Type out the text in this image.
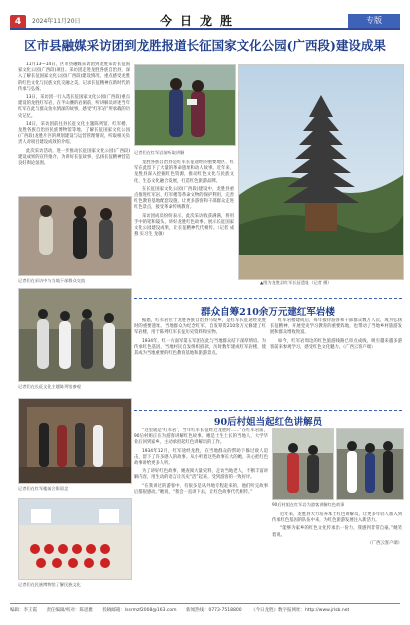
4	2024年11月20日	今日龙胜	专版
区市县融媒采访团到龙胜报道长征国家文化公园(广西段)建设成果

11月13—14日，区市县融媒采访团到龙胜采访长征国家文化公园(广西段)项目。采访团走进龙胜各族自治县，深入了解长征国家文化公园(广西段)建设情况，重点感受龙胜的红色文化与民族文化交融之美，记录长征精神在新时代的传承与弘扬。

13日，采访团一行入选长征国家文化公园(广西段)重点建设的龙胜红军岩，在半山腰的岩洞前，听讲解员讲述当年红军在此与群众鱼水情深的故事，感受“红军岩”所承载的历史记忆。

14日，采访团前往县长征文化主题陈列馆、红军楼、龙胜各族自治县民族博物馆等地，了解长征国家文化公园(广西段)龙胜片区的规划建设与运营管理情况，听取相关负责人对项目建设成效的介绍。

此次采访活动，进一步推动长征国家文化公园(广西段)建设成果的宣传推介，为讲好长征故事、弘扬长征精神营造良好舆论氛围。

记者们在采访中与当地干部群众交流
记者们在红军岩前听取讲解

龙胜各族自治县是红军长征途经的重要地区，红军在此留下了大量的革命遗址和动人故事。近年来，龙胜县深入挖掘红色资源，推动红色文化与民族文化、生态文化融合发展，打造红色旅游品牌。

在长征国家文化公园(广西段)建设中，龙胜县重点推进红军岩、红军楼等革命文物的保护利用，完善红色教育基地配套设施，让更多游客和干部群众走进红色景点，接受革命传统教育。

采访团成员纷纷表示，此次采访收获满满，将用手中的笔和镜头，讲好龙胜红色故事，展示长征国家文化公园建设成果，让长征精神代代相传。（记者 成燕 实习生 龙敏）

▲图为龙胜县红军长征遗址（记者 摄）
记者们在长征文化主题陈列馆参观
记者们在红军楼前合影留念
记者们在民族博物馆了解民族文化
群众自筹210余万元建红军岩楼

据悉，红军岩位于龙胜各族自治县马堤乡，是红军长征途经龙胜时的重要遗址。当地群众为纪念红军，自发筹资210余万元修建了红军岩楼，用于陈列红军长征历史资料和实物。

1934年，红一方面军第五军团在此与当地群众结下深厚情谊。为传承红色基因，当地村民自发组织捐款，历时数年建成红军岩楼，使其成为当地重要的红色教育基地和旅游景点。

红军岩楼建成后，每年接待游客和干部群众数万人次，成为弘扬长征精神、开展党史学习教育的重要阵地，也带动了当地乡村旅游发展和群众增收致富。

如今，红军岩周边的红色旅游线路已串点成线，吸引越来越多游客前来参观学习，感受红色文化魅力。（广西云客户端）

90后村姐当起红色讲解员

“这里就是‘红军岩’，当年红军长征经过龙胜时……”在红军岩前，90后村姐正在为游客讲解红色故事。她是土生土长的当地人，大学毕业后回到家乡，主动承担起红色讲解员的工作。

1934年12月，红军途经龙胜，在当地群众的帮助下躲过敌人追击，留下了许多感人的故事。从小听着这些故事长大的她，决心把红色故事讲给更多人听。

为了讲好红色故事，她查阅大量史料，走访当地老人，不断丰富讲解内容，用生动的语言让历史“活”起来，受到游客的一致好评。

“在我讲过的游客中，有很多是从外地专程赶来的，他们听完故事后都很感动。”她说，“我会一直讲下去，让红色故事代代相传。”

90后村姐在红军岩为游客讲解红色故事

近年来，龙胜县大力培养本土红色讲解员，让更多年轻人加入到传承红色基因的队伍中来，为红色旅游发展注入新活力。

“能够为家乡的红色文化传承出一份力，我感到非常自豪。”她笑着说。

（广西云客户端）

编辑：李王霞 责任编辑/校对：陈思雅 投稿邮箱：lssrmzf2008@163.com 新闻热线：0773-7518800 《今日龙胜》数字报网址：http://www.jrlsb.net
